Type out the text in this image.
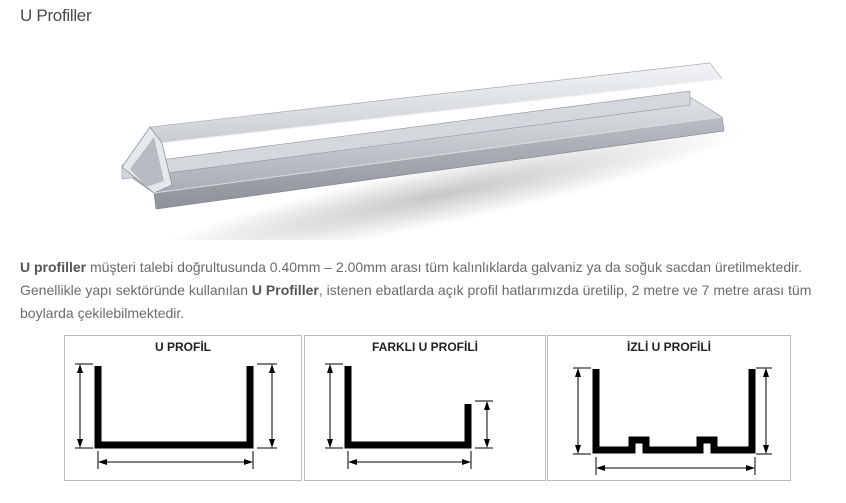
U Profiller

U profiller müşteri talebi doğrultusunda 0.40mm – 2.00mm arası tüm kalınlıklarda galvaniz ya da soğuk sacdan üretilmektedir. Genellikle yapı sektöründe kullanılan U Profiller, istenen ebatlarda açık profil hatlarımızda üretilip, 2 metre ve 7 metre arası tüm boylarda çekilebilmektedir.

U PROFİL	FARKLI U PROFİLİ	İZLİ U PROFİLİ
